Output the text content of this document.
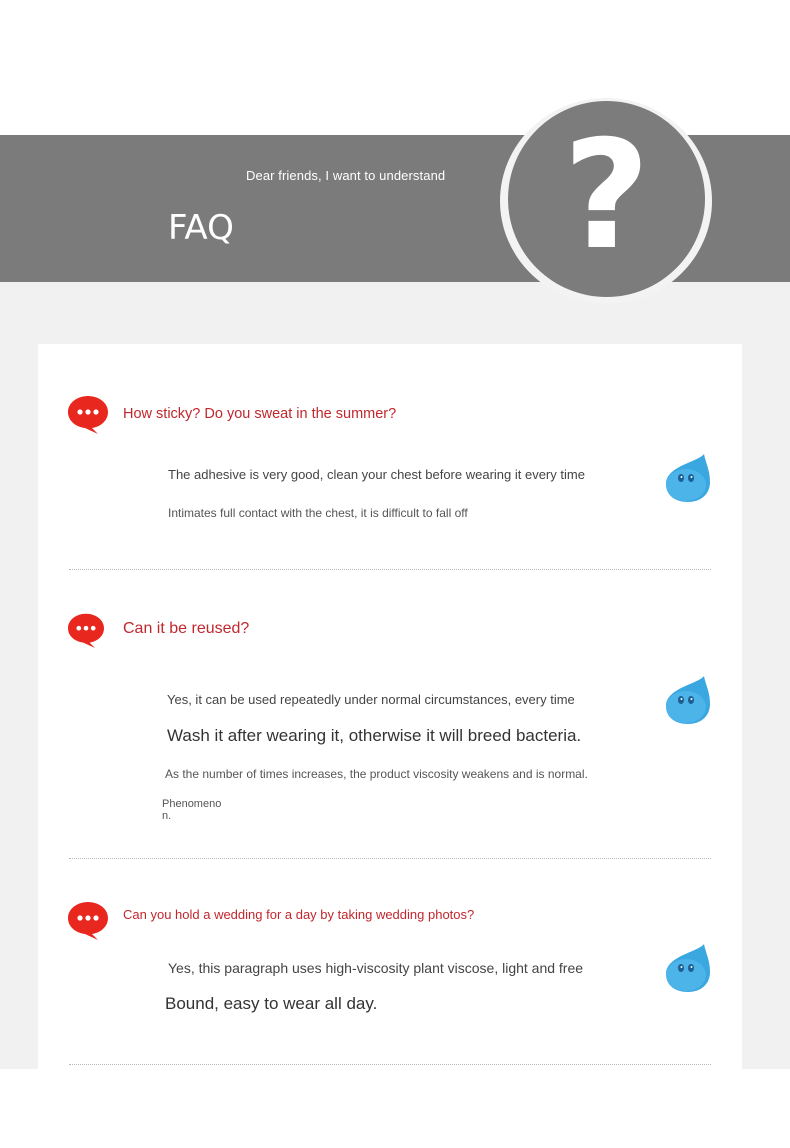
Dear friends, I want to understand
FAQ ?
How sticky? Do you sweat in the summer?
The adhesive is very good, clean your chest before wearing it every time
Intimates full contact with the chest, it is difficult to fall off
Can it be reused?
Yes, it can be used repeatedly under normal circumstances, every time
Wash it after wearing it, otherwise it will breed bacteria.
As the number of times increases, the product viscosity weakens and is normal.
Phenomeno
n.
Can you hold a wedding for a day by taking wedding photos?
Yes, this paragraph uses high-viscosity plant viscose, light and free
Bound, easy to wear all day.
